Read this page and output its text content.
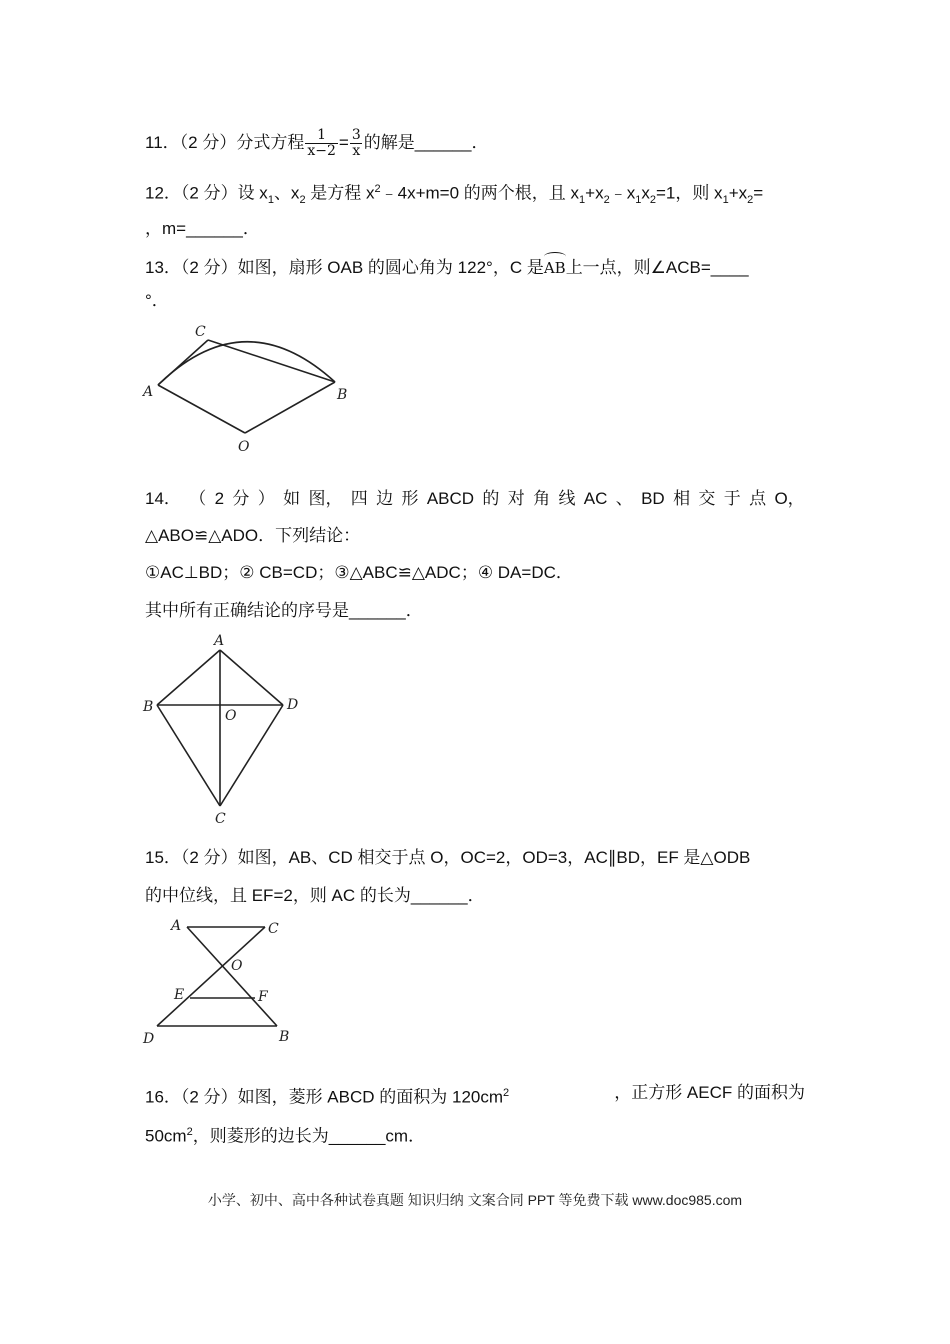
11．（2 分）分式方程 $\frac{1}{x-2} = \frac{3}{x}$ 的解是______．
12．（2 分）设 $x_1$、$x_2$ 是方程 $x^2﹣4x+m=0$ 的两个根，且 $x_1+x_2﹣x_1x_2=1$，则 $x_1+x_2=$
，m=______．
13．（2 分）如图，扇形 OAB 的圆心角为 122°，C 是AB上一点，则∠ACB=____
°．
C
A	B
O
14． （ 2 分 ） 如 图， 四 边 形 ABCD 的 对 角 线 AC 、 BD 相 交 于 点 O，
△ABO≌△ADO．下列结论：
①AC⊥BD；② CB=CD；③△ABC≌△ADC；④ DA=DC．
其中所有正确结论的序号是______．
A
B	D
O
C
15．（2 分）如图，AB、CD 相交于点 O，OC=2，OD=3，AC∥BD，EF 是△ODB
的中位线，且 EF=2，则 AC 的长为______．
A	C
O
E	F
D	B
16．（2 分）如图，菱形 ABCD 的面积为 $120cm^2$	，正方形 AECF 的面积为
$50cm^2$，则菱形的边长为______cm．
小学、初中、高中各种试卷真题 知识归纳 文案合同 PPT 等免费下载 www.doc985.com
